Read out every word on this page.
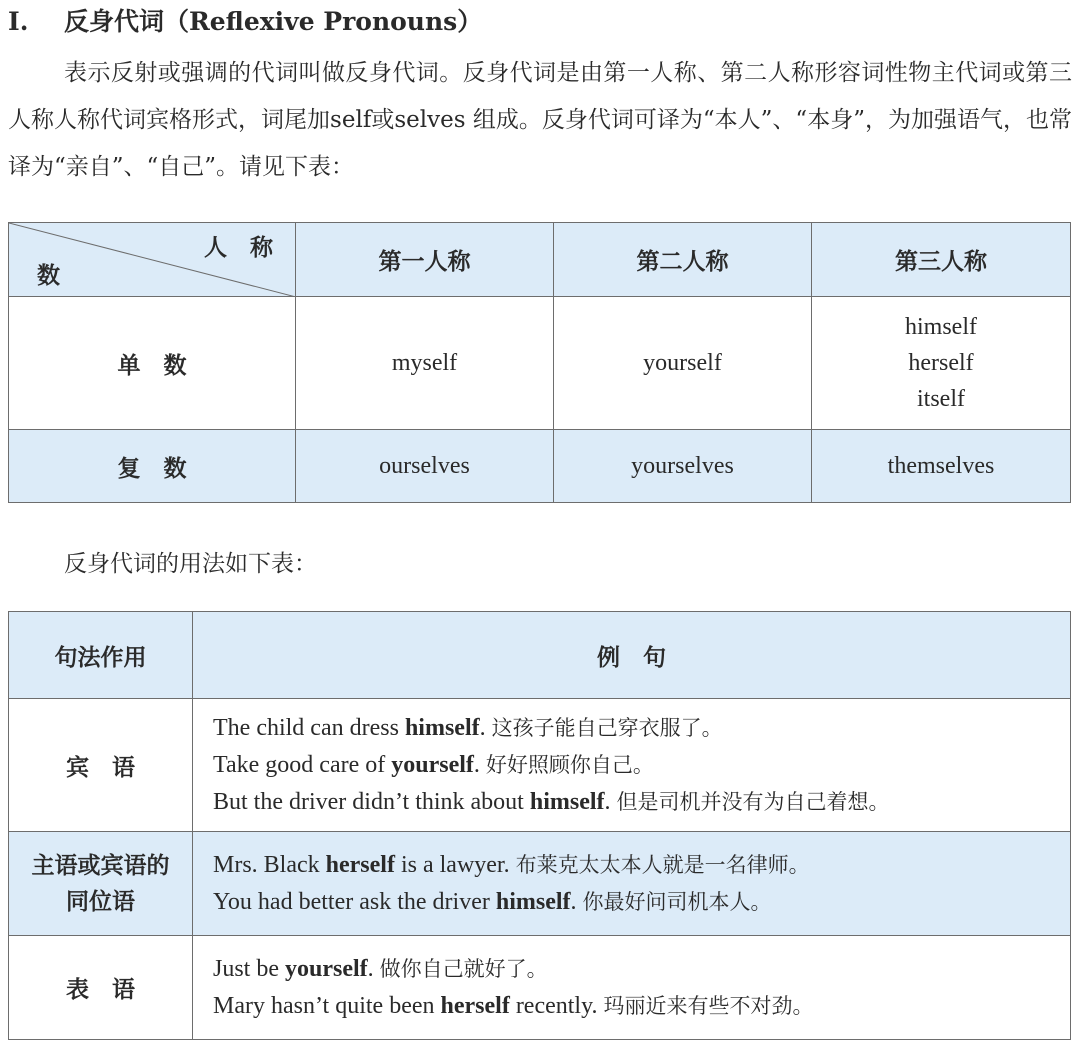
I. 反身代词（Reflexive Pronouns）
表示反射或强调的代词叫做反身代词。反身代词是由第一人称、第二人称形容词性物主代词或第三人称人称代词宾格形式，词尾加self或selves 组成。反身代词可译为“本人”、“本身”，为加强语气，也常译为“亲自”、“自己”。请见下表：
人　称
数	第一人称	第二人称	第三人称
单　数	myself	yourself	himself
herself
itself

复　数	ourselves	yourselves	themselves
反身代词的用法如下表：
句法作用	例　句
宾　语	The child can dress himself. 这孩子能自己穿衣服了。
Take good care of yourself. 好好照顾你自己。
But the driver didn’t think about himself. 但是司机并没有为自己着想。

主语或宾语的
同位语	Mrs. Black herself is a lawyer. 布莱克太太本人就是一名律师。
You had better ask the driver himself. 你最好问司机本人。

表　语	Just be yourself. 做你自己就好了。
Mary hasn’t quite been herself recently. 玛丽近来有些不对劲。
